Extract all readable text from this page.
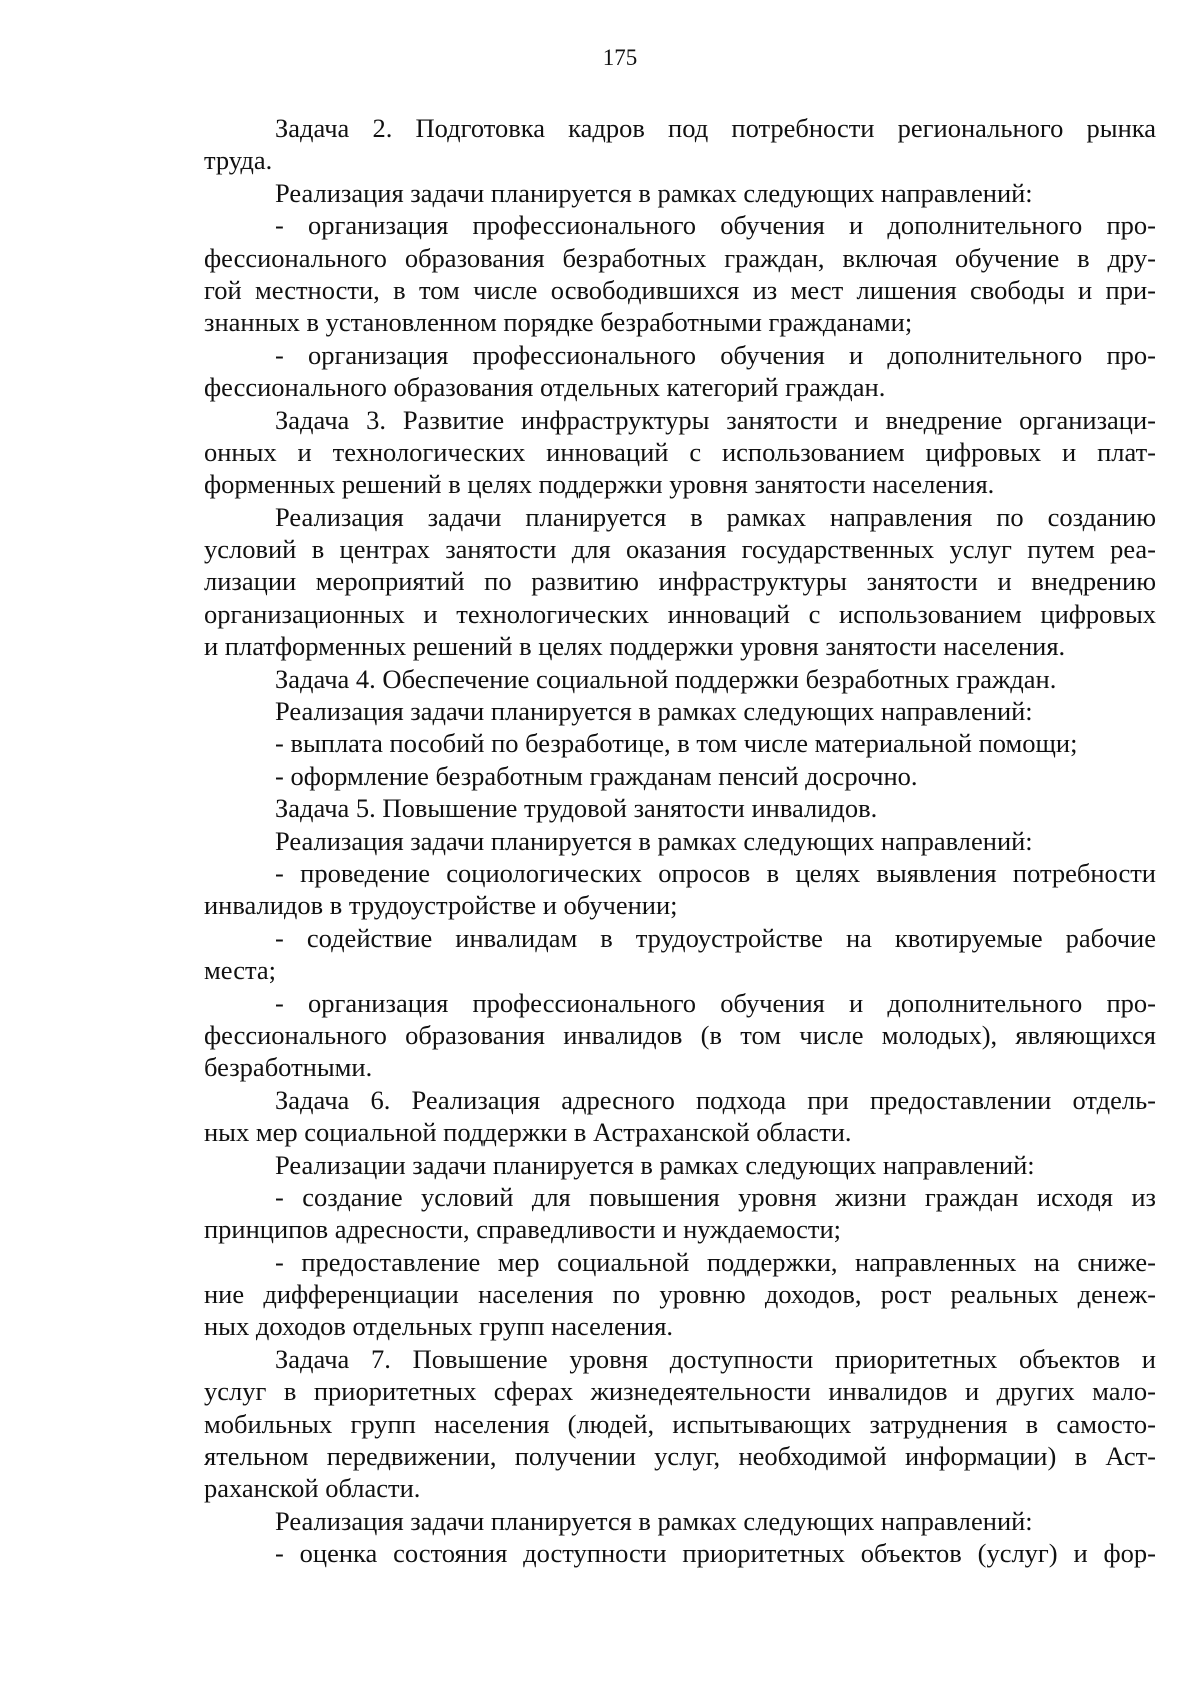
175
Задача 2. Подготовка кадров под потребности регионального рынка
труда.
Реализация задачи планируется в рамках следующих направлений:
- организация профессионального обучения и дополнительного про-
фессионального образования безработных граждан, включая обучение в дру-
гой местности, в том числе освободившихся из мест лишения свободы и при-
знанных в установленном порядке безработными гражданами;
- организация профессионального обучения и дополнительного про-
фессионального образования отдельных категорий граждан.
Задача 3. Развитие инфраструктуры занятости и внедрение организаци-
онных и технологических инноваций с использованием цифровых и плат-
форменных решений в целях поддержки уровня занятости населения.
Реализация задачи планируется в рамках направления по созданию
условий в центрах занятости для оказания государственных услуг путем реа-
лизации мероприятий по развитию инфраструктуры занятости и внедрению
организационных и технологических инноваций с использованием цифровых
и платформенных решений в целях поддержки уровня занятости населения.
Задача 4. Обеспечение социальной поддержки безработных граждан.
Реализация задачи планируется в рамках следующих направлений:
- выплата пособий по безработице, в том числе материальной помощи;
- оформление безработным гражданам пенсий досрочно.
Задача 5. Повышение трудовой занятости инвалидов.
Реализация задачи планируется в рамках следующих направлений:
- проведение социологических опросов в целях выявления потребности
инвалидов в трудоустройстве и обучении;
- содействие инвалидам в трудоустройстве на квотируемые рабочие
места;
- организация профессионального обучения и дополнительного про-
фессионального образования инвалидов (в том числе молодых), являющихся
безработными.
Задача 6. Реализация адресного подхода при предоставлении отдель-
ных мер социальной поддержки в Астраханской области.
Реализации задачи планируется в рамках следующих направлений:
- создание условий для повышения уровня жизни граждан исходя из
принципов адресности, справедливости и нуждаемости;
- предоставление мер социальной поддержки, направленных на сниже-
ние дифференциации населения по уровню доходов, рост реальных денеж-
ных доходов отдельных групп населения.
Задача 7. Повышение уровня доступности приоритетных объектов и
услуг в приоритетных сферах жизнедеятельности инвалидов и других мало-
мобильных групп населения (людей, испытывающих затруднения в самосто-
ятельном передвижении, получении услуг, необходимой информации) в Аст-
раханской области.
Реализация задачи планируется в рамках следующих направлений:
- оценка состояния доступности приоритетных объектов (услуг) и фор-
